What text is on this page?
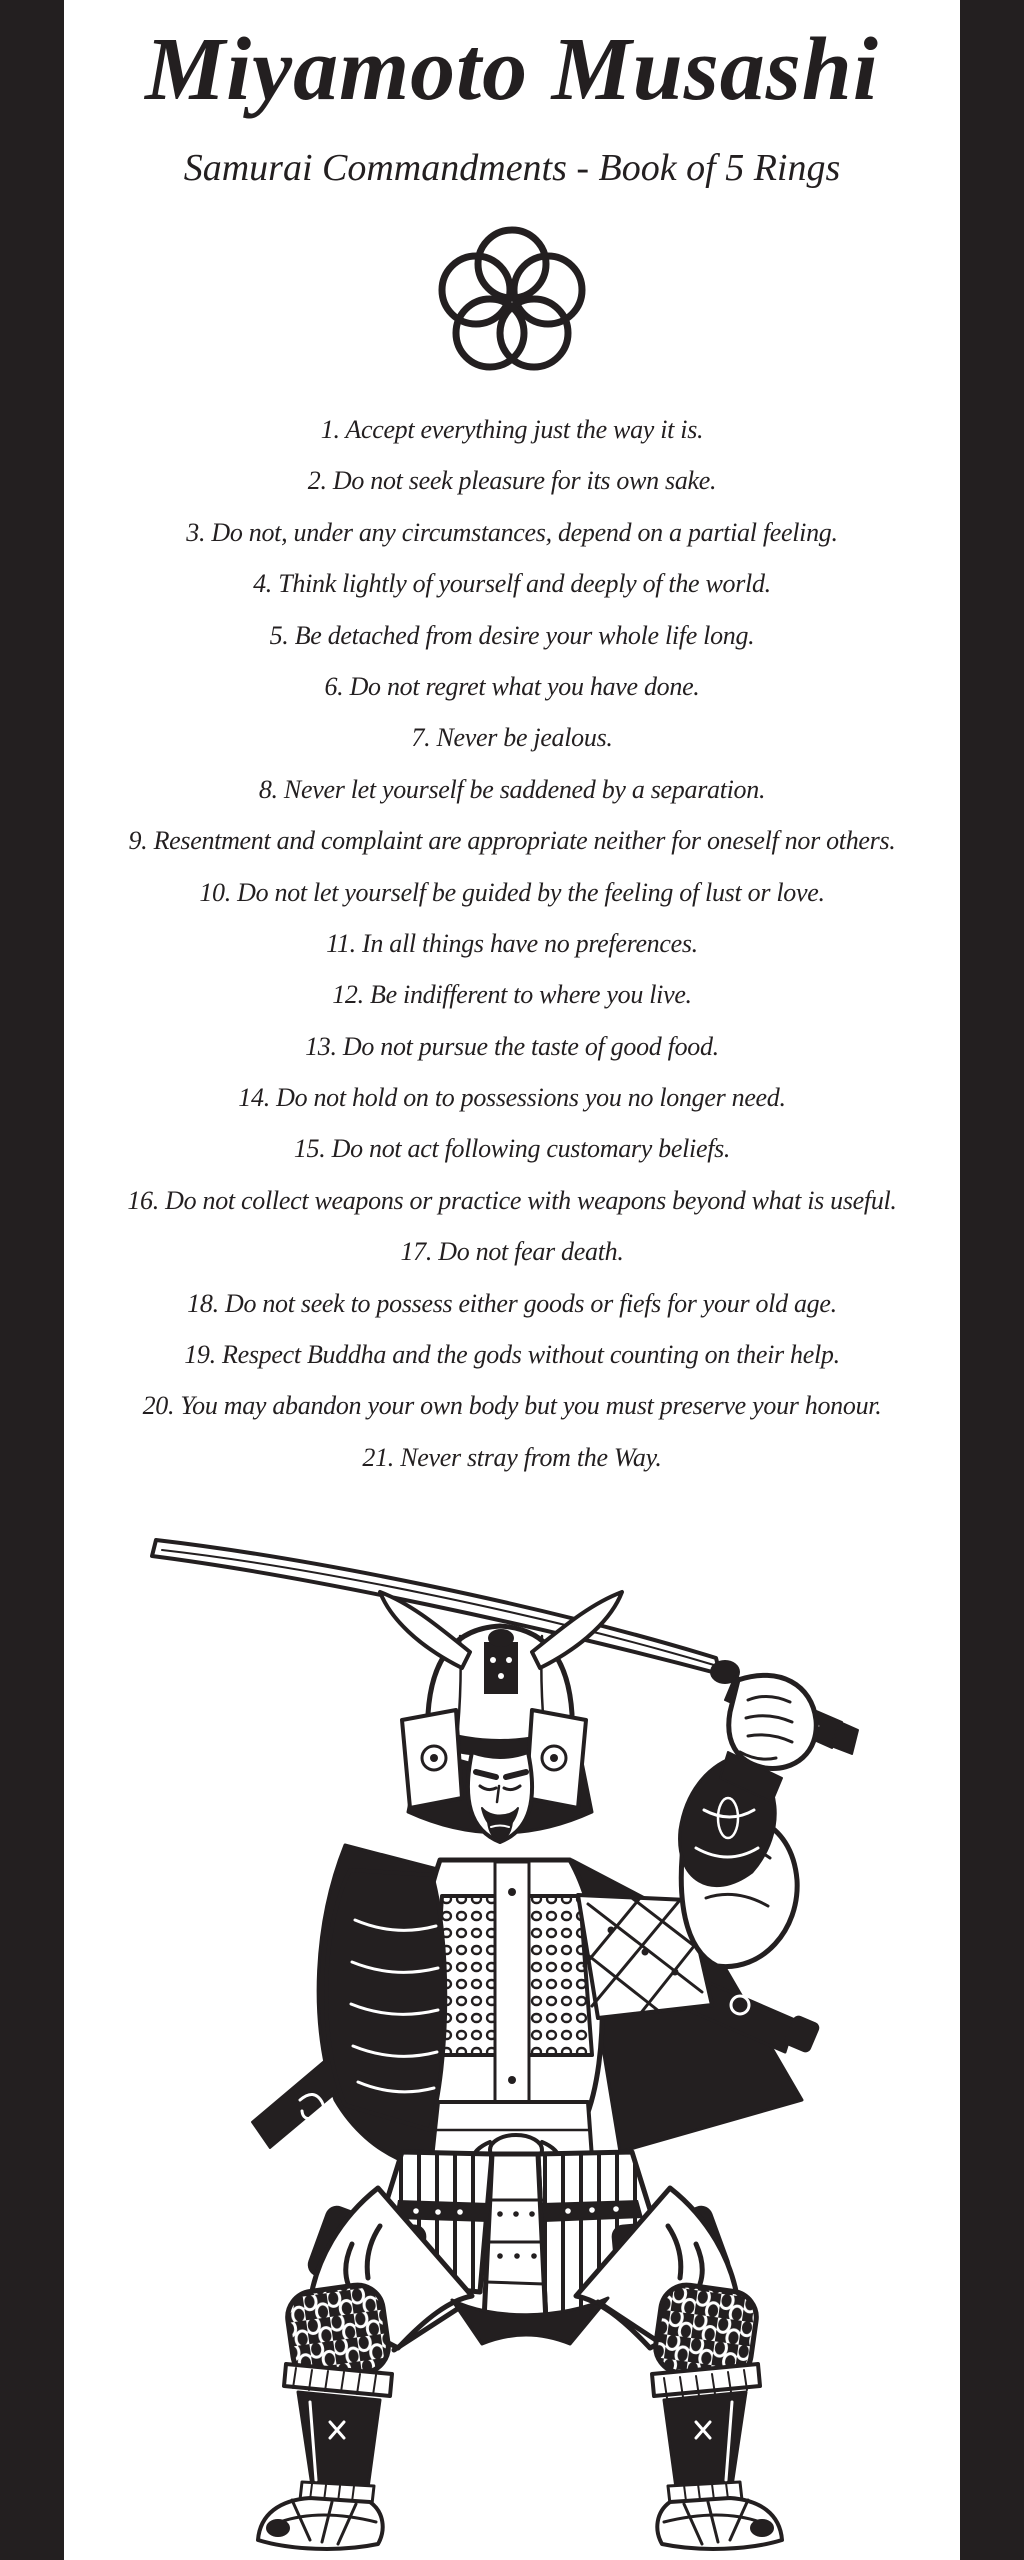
Miyamoto Musashi
Samurai Commandments - Book of 5 Rings
1. Accept everything just the way it is.
2. Do not seek pleasure for its own sake.
3. Do not, under any circumstances, depend on a partial feeling.
4. Think lightly of yourself and deeply of the world.
5. Be detached from desire your whole life long.
6. Do not regret what you have done.
7. Never be jealous.
8. Never let yourself be saddened by a separation.
9. Resentment and complaint are appropriate neither for oneself nor others.
10. Do not let yourself be guided by the feeling of lust or love.
11. In all things have no preferences.
12. Be indifferent to where you live.
13. Do not pursue the taste of good food.
14. Do not hold on to possessions you no longer need.
15. Do not act following customary beliefs.
16. Do not collect weapons or practice with weapons beyond what is useful.
17. Do not fear death.
18. Do not seek to possess either goods or fiefs for your old age.
19. Respect Buddha and the gods without counting on their help.
20. You may abandon your own body but you must preserve your honour.
21. Never stray from the Way.
